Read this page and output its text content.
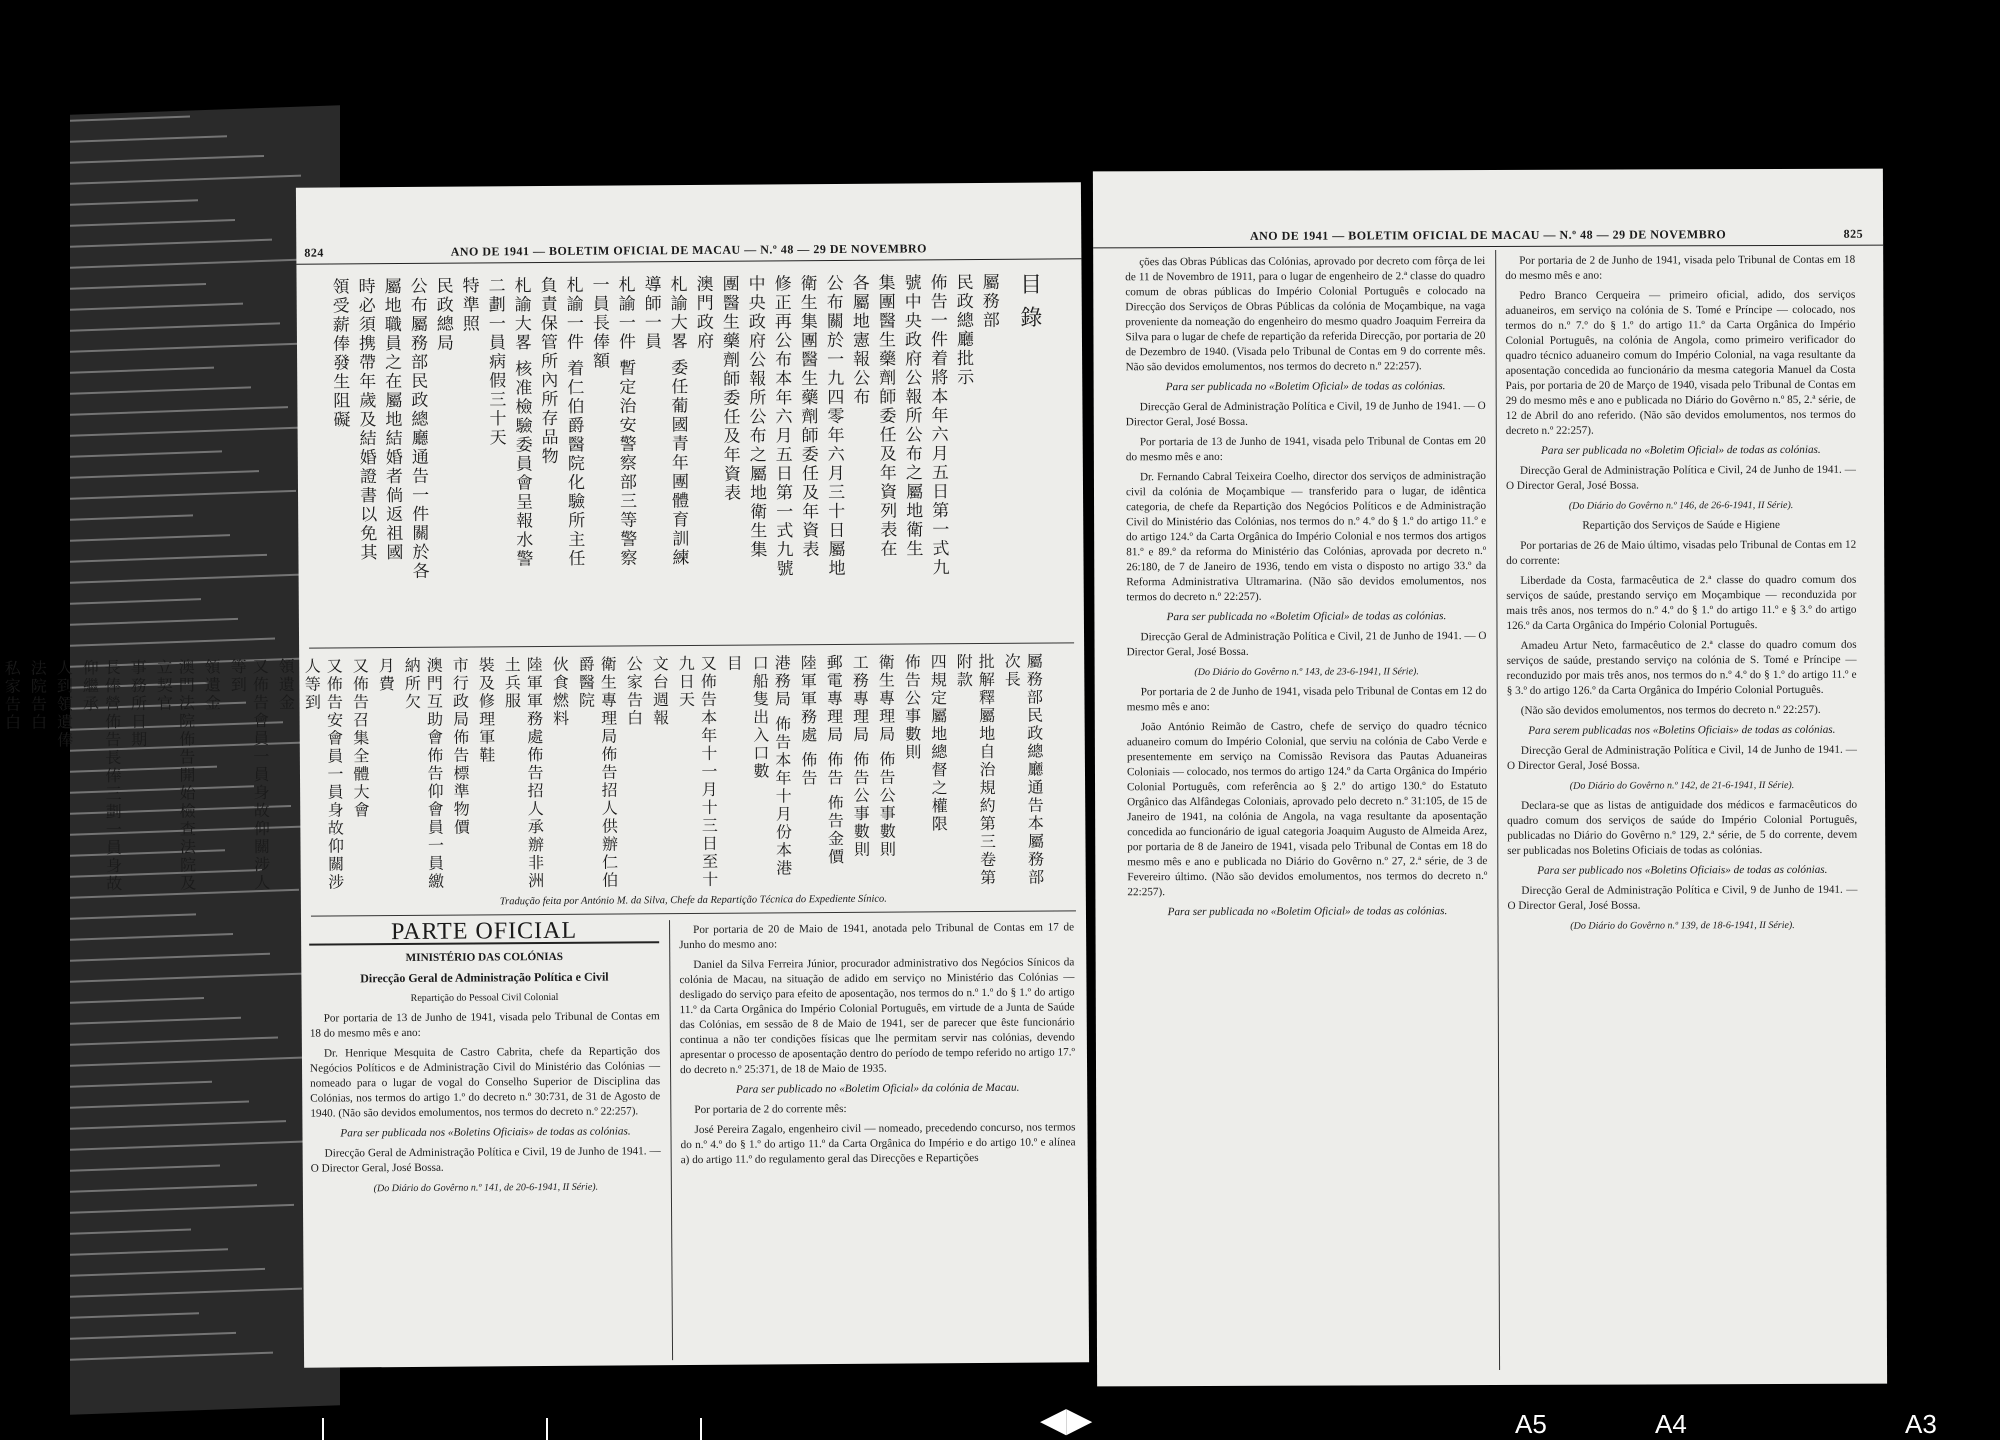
824	ANO DE 1941 — BOLETIM OFICIAL DE MACAU — N.º 48 — 29 DE NOVEMBRO
目 錄
屬務部
民政總廳批示
佈告一件着將本年六月五日第一式九
號中央政府公報所公布之屬地衛生
集團醫生藥劑師委任及年資列表在
各屬地憲報公布
公布關於一九四零年六月三十日屬地
衛生集團醫生藥劑師委任及年資表
修正再公布本年六月五日第一式九號
中央政府公報所公布之屬地衛生集
團醫生藥劑師委任及年資表
澳門政府
札諭大畧 委任葡國青年團體育訓練
導師一員
札諭一件 暫定治安警察部三等警察
一員長俸額
札諭一件 着仁伯爵醫院化驗所主任
負責保管所內所存品物
札諭大畧 核准檢驗委員會呈報水警
二劃一員病假三十天
特準照
民政總局
公布屬務部民政總廳通告一件關於各
屬地職員之在屬地結婚者倘返祖國
時必須携帶年歲及結婚證書以免其
領受薪俸發生阻礙
屬務部民政總廳通告本屬務部次長
批解釋屬地自治規約第三卷第附款
四規定屬地總督之權限
佈告公事數則
衛生專理局 佈告公事數則
工務專理局 佈告公事數則
郵電專理局 佈告 佈告金價
陸軍軍務處 佈告
港務局 佈告本年十月份本港口船隻出入口數
目
又佈告本年十一月十三日至十九日天
文台週報
公家告白
衛生專理局佈告招人供辦仁伯爵醫院
伙食燃料
陸軍軍務處佈告招人承辦非洲土兵服
裝及修理軍鞋
市行政局佈告標準物價
澳門互助會佈告仰會員一員繳納所欠
月費
又佈告召集全體大會
又佈告安會員一員身故仰關涉人等到
領遺金
又佈告會員一員身故仰關涉人等到
領遺金
澳門法院佈告開始檢查法院及立契官
事務所日期
長俸營佈告長俸三劃一員身故仰繼承
人到領遺俸
法院告白
私家告白
Tradução feita por António M. da Silva, Chefe da Repartição Técnica do Expediente Sínico.
PARTE OFICIAL

MINISTÉRIO DAS COLÓNIAS

Direcção Geral de Administração Política e Civil

Repartição do Pessoal Civil Colonial

Por portaria de 13 de Junho de 1941, visada pelo Tribunal de Contas em 18 do mesmo mês e ano:

Dr. Henrique Mesquita de Castro Cabrita, chefe da Repartição dos Negócios Políticos e de Administração Civil do Ministério das Colónias — nomeado para o lugar de vogal do Conselho Superior de Disciplina das Colónias, nos termos do artigo 1.º do decreto n.º 30:731, de 31 de Agosto de 1940. (Não são devidos emolumentos, nos termos do decreto n.º 22:257).

Para ser publicada nos «Boletins Oficiais» de todas as colónias.

Direcção Geral de Administração Política e Civil, 19 de Junho de 1941. — O Director Geral, José Bossa.

(Do Diário do Govêrno n.º 141, de 20-6-1941, II Série).

Por portaria de 20 de Maio de 1941, anotada pelo Tribunal de Contas em 17 de Junho do mesmo ano:

Daniel da Silva Ferreira Júnior, procurador administrativo dos Negócios Sínicos da colónia de Macau, na situação de adido em serviço no Ministério das Colónias — desligado do serviço para efeito de aposentação, nos termos do n.º 1.º do § 1.º do artigo 11.º da Carta Orgânica do Império Colonial Português, em virtude de a Junta de Saúde das Colónias, em sessão de 8 de Maio de 1941, ser de parecer que êste funcionário continua a não ter condições físicas que lhe permitam servir nas colónias, devendo apresentar o processo de aposentação dentro do período de tempo referido no artigo 17.º do decreto n.º 25:371, de 18 de Maio de 1935.

Para ser publicado no «Boletim Oficial» da colónia de Macau.

Por portaria de 2 do corrente mês:

José Pereira Zagalo, engenheiro civil — nomeado, precedendo concurso, nos termos do n.º 4.º do § 1.º do artigo 11.º da Carta Orgânica do Império e do artigo 10.º e alínea a) do artigo 11.º do regulamento geral das Direcções e Repartições

ANO DE 1941 — BOLETIM OFICIAL DE MACAU — N.º 48 — 29 DE NOVEMBRO	825

ções das Obras Públicas das Colónias, aprovado por decreto com fôrça de lei de 11 de Novembro de 1911, para o lugar de engenheiro de 2.ª classe do quadro comum de obras públicas do Império Colonial Português e colocado na Direcção dos Serviços de Obras Públicas da colónia de Moçambique, na vaga proveniente da nomeação do engenheiro do mesmo quadro Joaquim Ferreira da Silva para o lugar de chefe de repartição da referida Direcção, por portaria de 20 de Dezembro de 1940. (Visada pelo Tribunal de Contas em 9 do corrente mês. Não são devidos emolumentos, nos termos do decreto n.º 22:257).

Para ser publicada no «Boletim Oficial» de todas as colónias.

Direcção Geral de Administração Política e Civil, 19 de Junho de 1941. — O Director Geral, José Bossa.

Por portaria de 13 de Junho de 1941, visada pelo Tribunal de Contas em 20 do mesmo mês e ano:

Dr. Fernando Cabral Teixeira Coelho, director dos serviços de administração civil da colónia de Moçambique — transferido para o lugar, de idêntica categoria, de chefe da Repartição dos Negócios Políticos e de Administração Civil do Ministério das Colónias, nos termos do n.º 4.º do § 1.º do artigo 11.º e do artigo 124.º da Carta Orgânica do Império Colonial e nos termos dos artigos 81.º e 89.º da reforma do Ministério das Colónias, aprovada por decreto n.º 26:180, de 7 de Janeiro de 1936, tendo em vista o disposto no artigo 33.º da Reforma Administrativa Ultramarina. (Não são devidos emolumentos, nos termos do decreto n.º 22:257).

Para ser publicada no «Boletim Oficial» de todas as colónias.

Direcção Geral de Administração Política e Civil, 21 de Junho de 1941. — O Director Geral, José Bossa.

(Do Diário do Govêrno n.º 143, de 23-6-1941, II Série).

Por portaria de 2 de Junho de 1941, visada pelo Tribunal de Contas em 12 do mesmo mês e ano:

João António Reimão de Castro, chefe de serviço do quadro técnico aduaneiro comum do Império Colonial, que serviu na colónia de Cabo Verde e presentemente em serviço na Comissão Revisora das Pautas Aduaneiras Coloniais — colocado, nos termos do artigo 124.º da Carta Orgânica do Império Colonial Português, com referência ao § 2.º do artigo 130.º do Estatuto Orgânico das Alfândegas Coloniais, aprovado pelo decreto n.º 31:105, de 15 de Janeiro de 1941, na colónia de Angola, na vaga resultante da aposentação concedida ao funcionário de igual categoria Joaquim Augusto de Almeida Arez, por portaria de 8 de Janeiro de 1941, visada pelo Tribunal de Contas em 18 do mesmo mês e ano e publicada no Diário do Govêrno n.º 27, 2.ª série, de 3 de Fevereiro último. (Não são devidos emolumentos, nos termos do decreto n.º 22:257).

Para ser publicada no «Boletim Oficial» de todas as colónias.

Por portaria de 2 de Junho de 1941, visada pelo Tribunal de Contas em 18 do mesmo mês e ano:

Pedro Branco Cerqueira — primeiro oficial, adido, dos serviços aduaneiros, em serviço na colónia de S. Tomé e Príncipe — colocado, nos termos do n.º 7.º do § 1.º do artigo 11.º da Carta Orgânica do Império Colonial Português, na colónia de Angola, como primeiro verificador do quadro técnico aduaneiro comum do Império Colonial, na vaga resultante da aposentação concedida ao funcionário da mesma categoria Manuel da Costa Pais, por portaria de 20 de Março de 1940, visada pelo Tribunal de Contas em 29 do mesmo mês e ano e publicada no Diário do Govêrno n.º 85, 2.ª série, de 12 de Abril do ano referido. (Não são devidos emolumentos, nos termos do decreto n.º 22:257).

Para ser publicada no «Boletim Oficial» de todas as colónias.

Direcção Geral de Administração Política e Civil, 24 de Junho de 1941. — O Director Geral, José Bossa.

(Do Diário do Govêrno n.º 146, de 26-6-1941, II Série).

Repartição dos Serviços de Saúde e Higiene

Por portarias de 26 de Maio último, visadas pelo Tribunal de Contas em 12 do corrente:

Liberdade da Costa, farmacêutica de 2.ª classe do quadro comum dos serviços de saúde, prestando serviço em Moçambique — reconduzida por mais três anos, nos termos do n.º 4.º do § 1.º do artigo 11.º e § 3.º do artigo 126.º da Carta Orgânica do Império Colonial Português.

Amadeu Artur Neto, farmacêutico de 2.ª classe do quadro comum dos serviços de saúde, prestando serviço na colónia de S. Tomé e Príncipe — reconduzido por mais três anos, nos termos do n.º 4.º do § 1.º do artigo 11.º e § 3.º do artigo 126.º da Carta Orgânica do Império Colonial Português.

(Não são devidos emolumentos, nos termos do decreto n.º 22:257).

Para serem publicadas nos «Boletins Oficiais» de todas as colónias.

Direcção Geral de Administração Política e Civil, 14 de Junho de 1941. — O Director Geral, José Bossa.

(Do Diário do Govêrno n.º 142, de 21-6-1941, II Série).

Declara-se que as listas de antiguidade dos médicos e farmacêuticos do quadro comum dos serviços de saúde do Império Colonial Português, publicadas no Diário do Govêrno n.º 129, 2.ª série, de 5 do corrente, devem ser publicadas nos Boletins Oficiais de todas as colónias.

Para ser publicado nos «Boletins Oficiais» de todas as colónias.

Direcção Geral de Administração Política e Civil, 9 de Junho de 1941. — O Director Geral, José Bossa.

(Do Diário do Govêrno n.º 139, de 18-6-1941, II Série).

◀▶	A5	A4	A3
